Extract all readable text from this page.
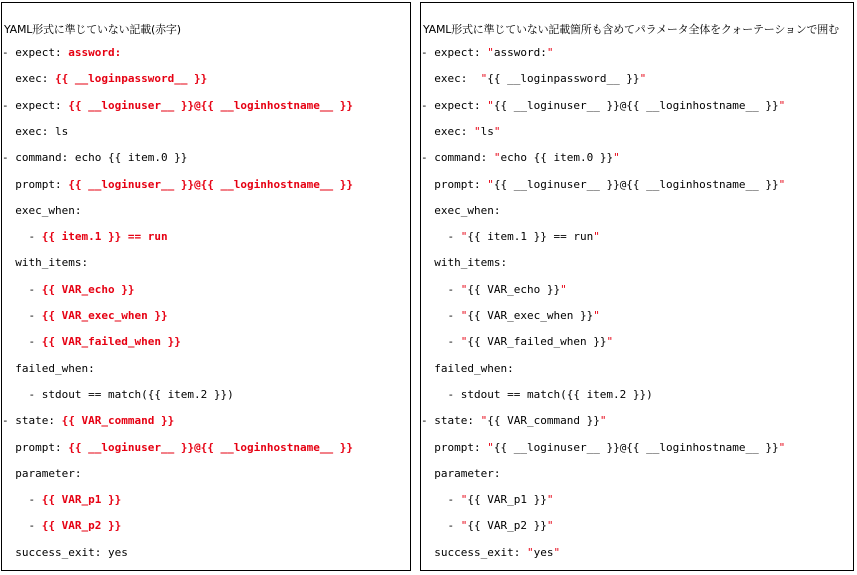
YAML形式に準じていない記載(赤字)
- expect: assword:
exec: {{ __loginpassword__ }}
- expect: {{ __loginuser__ }}@{{ __loginhostname__ }}
exec: ls
- command: echo {{ item.0 }}
prompt: {{ __loginuser__ }}@{{ __loginhostname__ }}
exec_when:
- {{ item.1 }} == run
with_items:
- {{ VAR_echo }}
- {{ VAR_exec_when }}
- {{ VAR_failed_when }}
failed_when:
- stdout == match({{ item.2 }})
- state: {{ VAR_command }}
prompt: {{ __loginuser__ }}@{{ __loginhostname__ }}
parameter:
- {{ VAR_p1 }}
- {{ VAR_p2 }}
success_exit: yes
YAML形式に準じていない記載箇所も含めてパラメータ全体をクォーテーションで囲む
- expect: "assword:"
exec:  "{{ __loginpassword__ }}"
- expect: "{{ __loginuser__ }}@{{ __loginhostname__ }}"
exec: "ls"
- command: "echo {{ item.0 }}"
prompt: "{{ __loginuser__ }}@{{ __loginhostname__ }}"
exec_when:
- "{{ item.1 }} == run"
with_items:
- "{{ VAR_echo }}"
- "{{ VAR_exec_when }}"
- "{{ VAR_failed_when }}"
failed_when:
- stdout == match({{ item.2 }})
- state: "{{ VAR_command }}"
prompt: "{{ __loginuser__ }}@{{ __loginhostname__ }}"
parameter:
- "{{ VAR_p1 }}"
- "{{ VAR_p2 }}"
success_exit: "yes"
